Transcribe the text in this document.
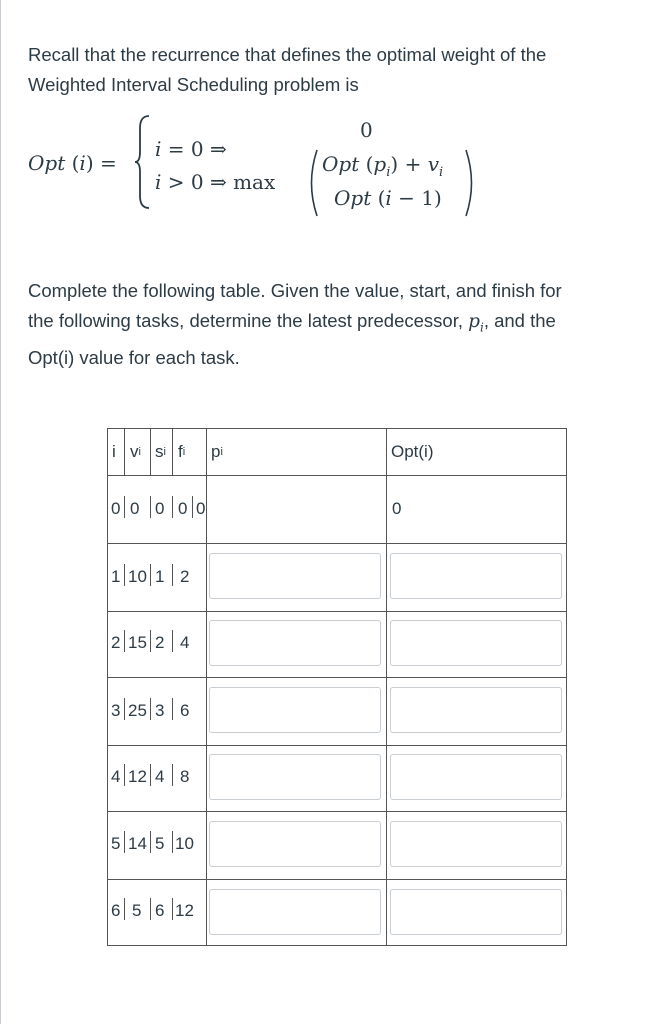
Recall that the recurrence that defines the optimal weight of the
Weighted Interval Scheduling problem is

Opt (i) =
i = 0 ⇒
i > 0 ⇒ max
0
Opt $(p_i) + v_i$
Opt (i − 1)

Complete the following table. Given the value, start, and finish for
the following tasks, determine the latest predecessor, $p_i$, and the
Opt(i) value for each task.

i v i s i f i p i	Opt(i)
0 0 0 0 0	0
1 10 1 2
2 15 2 4
3 25 3 6
4 12 4 8
5 14 5 10
6 5 6 12
